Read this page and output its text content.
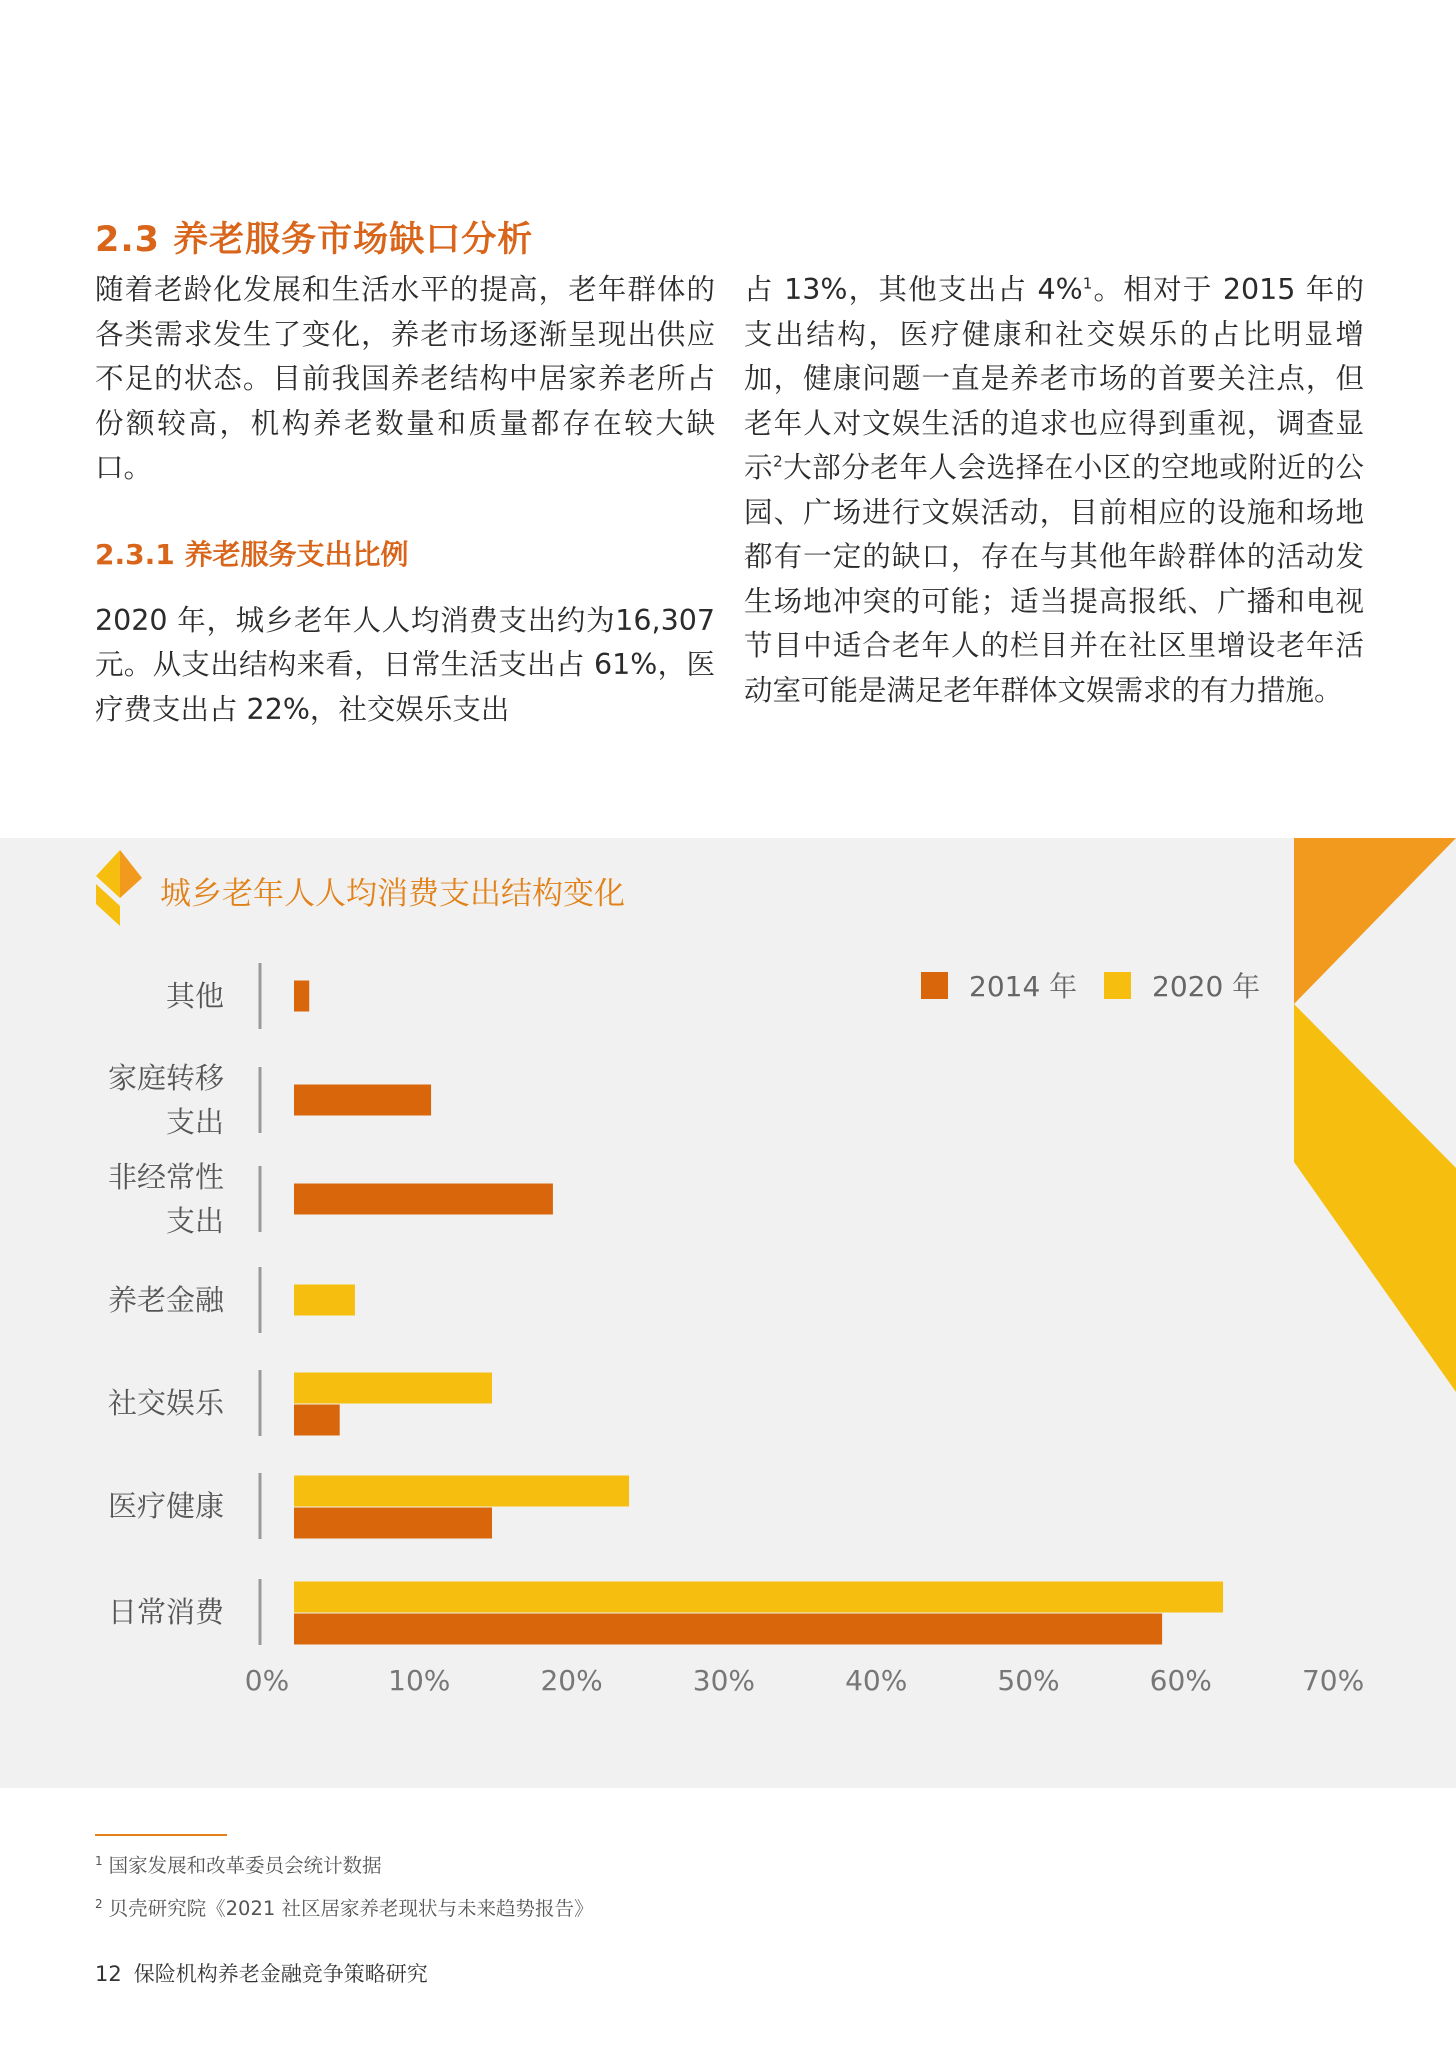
2.3 养老服务市场缺口分析

随着老龄化发展和生活水平的提高，老年群体的各类需求发生了变化，养老市场逐渐呈现出供应不足的状态。目前我国养老结构中居家养老所占份额较高，机构养老数量和质量都存在较大缺口。

2.3.1 养老服务支出比例

2020 年，城乡老年人人均消费支出约为16,307 元。从支出结构来看，日常生活支出占 61%，医疗费支出占 22%，社交娱乐支出

占 13%，其他支出占 4%$^1$。相对于 2015 年的支出结构，医疗健康和社交娱乐的占比明显增加，健康问题一直是养老市场的首要关注点，但老年人对文娱生活的追求也应得到重视，调查显示$^2$大部分老年人会选择在小区的空地或附近的公园、广场进行文娱活动，目前相应的设施和场地都有一定的缺口，存在与其他年龄群体的活动发生场地冲突的可能；适当提高报纸、广播和电视节目中适合老年人的栏目并在社区里增设老年活动室可能是满足老年群体文娱需求的有力措施。

其他
家庭转移支出
非经常性支出
养老金融
社交娱乐
医疗健康
日常消费
0%	10%	20%	30%	40%	50%	60%	70%
2014 年	2020 年
城乡老年人人均消费支出结构变化
$^1$ 国家发展和改革委员会统计数据
$^2$ 贝壳研究院《2021 社区居家养老现状与未来趋势报告》
12 保险机构养老金融竞争策略研究
